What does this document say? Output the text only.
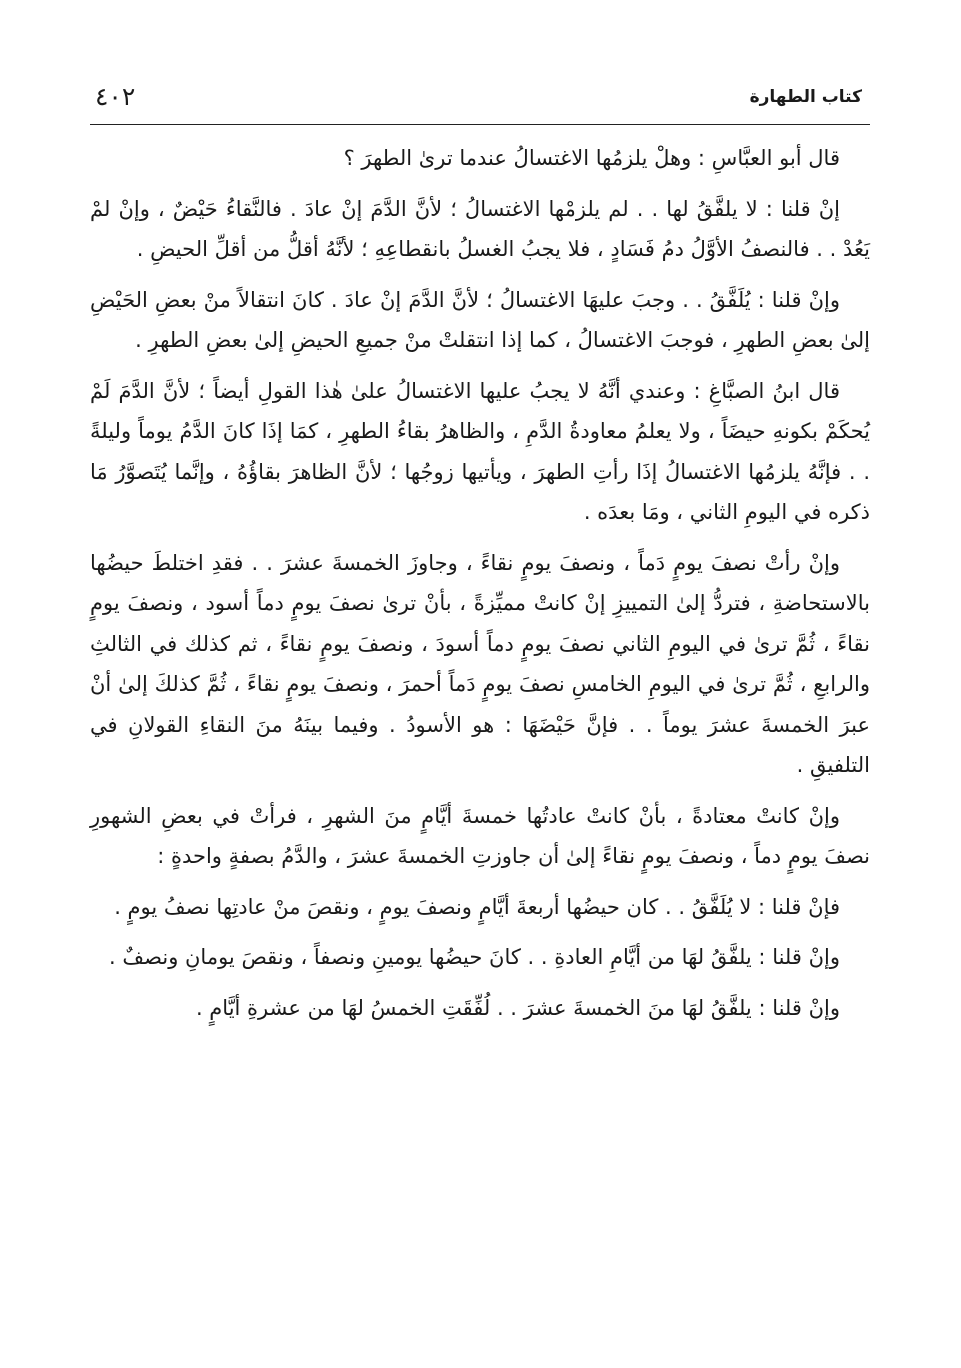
كتاب الطهارة
٤٠٢

قال أبو العبَّاسِ : وهلْ يلزمُها الاغتسالُ عندما ترىٰ الطهرَ ؟

إنْ قلنا : لا يلفَّقُ لها . . لم يلزمْها الاغتسالُ ؛ لأنَّ الدَّمَ إنْ عادَ . فالنَّقاءُ حَيْضٌ ، وإنْ لمْ يَعُدْ . . فالنصفُ الأوَّلُ دمُ فَسَادٍ ، فلا يجبُ الغسلُ بانقطاعِهِ ؛ لأنَّهُ أقلُّ من أقلِّ الحيضِ .

وإنْ قلنا : يُلَفَّقُ . . وجبَ عليهَا الاغتسالُ ؛ لأنَّ الدَّمَ إنْ عادَ . كانَ انتقالاً منْ بعضِ الحَيْضِ إلىٰ بعضِ الطهرِ ، فوجبَ الاغتسالُ ، كما إذا انتقلتْ منْ جميعِ الحيضِ إلىٰ بعضِ الطهرِ .

قال ابنُ الصبَّاغِ : وعندي أنَّهُ لا يجبُ عليها الاغتسالُ علىٰ هٰذا القولِ أيضاً ؛ لأنَّ الدَّمَ لَمْ يُحكَمْ بكونهِ حيضَاً ، ولا يعلمُ معاودةُ الدَّمِ ، والظاهرُ بقاءُ الطهرِ ، كمَا إذَا كانَ الدَّمُ يوماً وليلةً . . فإنَّهُ يلزمُها الاغتسالُ إذَا رأتِ الطهرَ ، ويأتيها زوجُها ؛ لأنَّ الظاهرَ بقاؤُهُ ، وإنَّما يُتَصوَّرُ مَا ذكره في اليومِ الثاني ، ومَا بعدَه .

وإنْ رأتْ نصفَ يومٍ دَماً ، ونصفَ يومٍ نقاءً ، وجاوزَ الخمسةَ عشرَ . . فقدِ اختلطَ حيضُها بالاستحاضةِ ، فتردُّ إلىٰ التمييزِ إنْ كانتْ مميِّزةً ، بأنْ ترىٰ نصفَ يومٍ دماً أسود ، ونصفَ يومٍ نقاءً ، ثُمَّ ترىٰ في اليومِ الثاني نصفَ يومٍ دماً أسودَ ، ونصفَ يومٍ نقاءً ، ثم كذلك في الثالثِ والرابعِ ، ثُمَّ ترىٰ في اليومِ الخامسِ نصفَ يومٍ دَماً أحمرَ ، ونصفَ يومٍ نقاءً ، ثُمَّ كذلكَ إلىٰ أنْ عبرَ الخمسةَ عشرَ يوماً . . فإنَّ حَيْضَهَا : هو الأسودُ . وفيما بينَهُ منَ النقاءِ القولانِ في التلفيقِ .

وإنْ كانتْ معتادةً ، بأنْ كانتْ عادتُها خمسةَ أيَّامٍ منَ الشهرِ ، فرأتْ في بعضِ الشهورِ نصفَ يومٍ دماً ، ونصفَ يومٍ نقاءً إلىٰ أن جاوزتِ الخمسةَ عشرَ ، والدَّمُ بصفةٍ واحدةٍ :

فإنْ قلنا : لا يُلَفَّقُ . . كان حيضُها أربعةَ أيَّامٍ ونصفَ يومٍ ، ونقصَ منْ عادتِها نصفُ يومٍ .

وإنْ قلنا : يلفَّقُ لهَا من أيَّامِ العادةِ . . كانَ حيضُها يومينِ ونصفاً ، ونقصَ يومانِ ونصفٌ .

وإنْ قلنا : يلفَّقُ لهَا منَ الخمسةَ عشرَ . . لُفِّقَتِ الخمسُ لهَا من عشرةِ أيَّامٍ .
